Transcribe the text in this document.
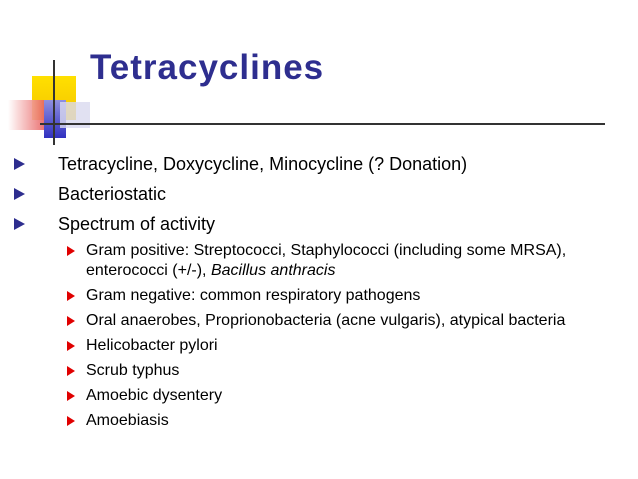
Tetracyclines
Tetracycline, Doxycycline, Minocycline (? Donation)
Bacteriostatic
Spectrum of activity
Gram positive: Streptococci, Staphylococci (including some MRSA), enterococci (+/-), Bacillus anthracis
Gram negative: common respiratory pathogens
Oral anaerobes, Proprionobacteria (acne vulgaris), atypical bacteria
Helicobacter pylori
Scrub typhus
Amoebic dysentery
Amoebiasis
